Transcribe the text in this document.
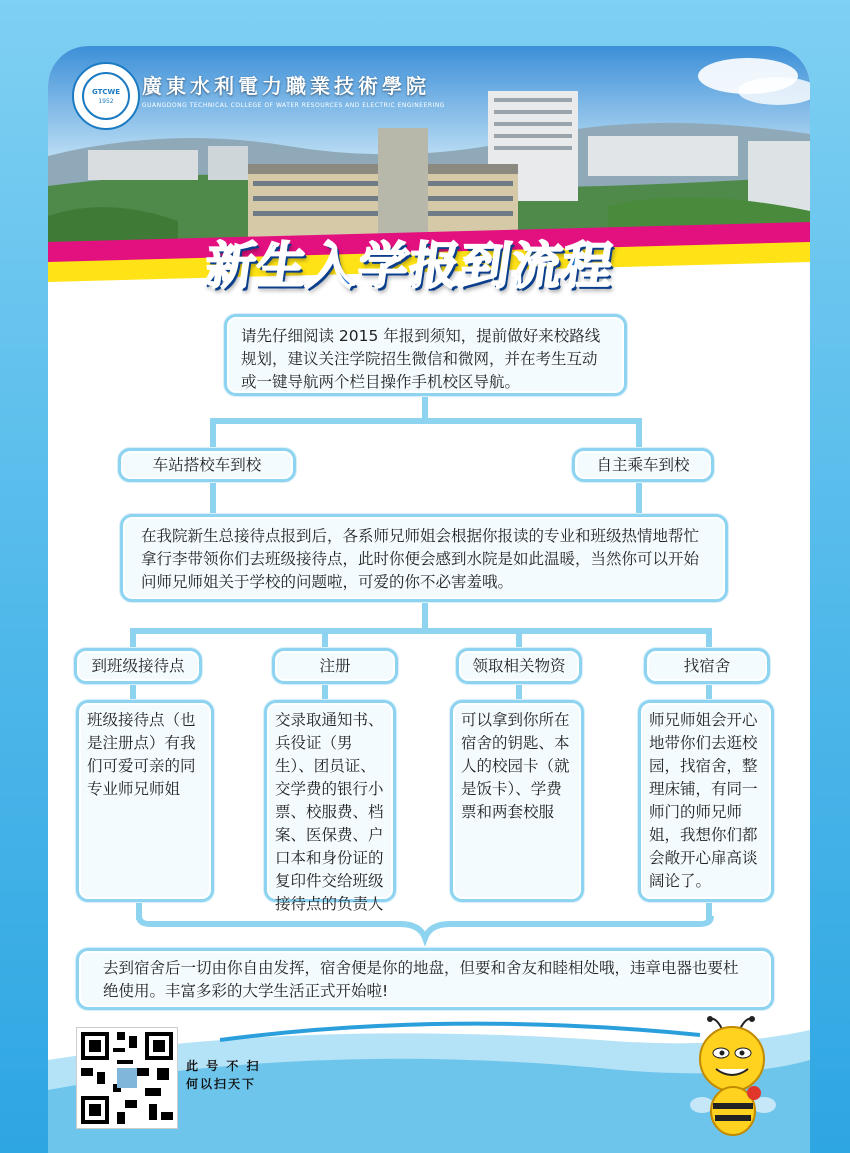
GTCWE
1952
廣東水利電力職業技術學院
GUANGDONG TECHNICAL COLLEGE OF WATER RESOURCES AND ELECTRIC ENGINEERING
新生入学报到流程
请先仔细阅读 2015 年报到须知，提前做好来校路线规划，建议关注学院招生微信和微网，并在考生互动或一键导航两个栏目操作手机校区导航。
车站搭校车到校	自主乘车到校
在我院新生总接待点报到后，各系师兄师姐会根据你报读的专业和班级热情地帮忙拿行李带领你们去班级接待点，此时你便会感到水院是如此温暖，当然你可以开始问师兄师姐关于学校的问题啦，可爱的你不必害羞哦。
到班级接待点	注册	领取相关物资	找宿舍
班级接待点（也是注册点）有我们可爱可亲的同专业师兄师姐
交录取通知书、兵役证（男生）、团员证、交学费的银行小票、校服费、档案、医保费、户口本和身份证的复印件交给班级接待点的负责人
可以拿到你所在宿舍的钥匙、本人的校园卡（就是饭卡）、学费票和两套校服
师兄师姐会开心地带你们去逛校园，找宿舍，整理床铺，有同一师门的师兄师姐，我想你们都会敞开心扉高谈阔论了。
去到宿舍后一切由你自由发挥，宿舍便是你的地盘，但要和舍友和睦相处哦，违章电器也要杜绝使用。丰富多彩的大学生活正式开始啦!
此 号 不 扫
何以扫天下
